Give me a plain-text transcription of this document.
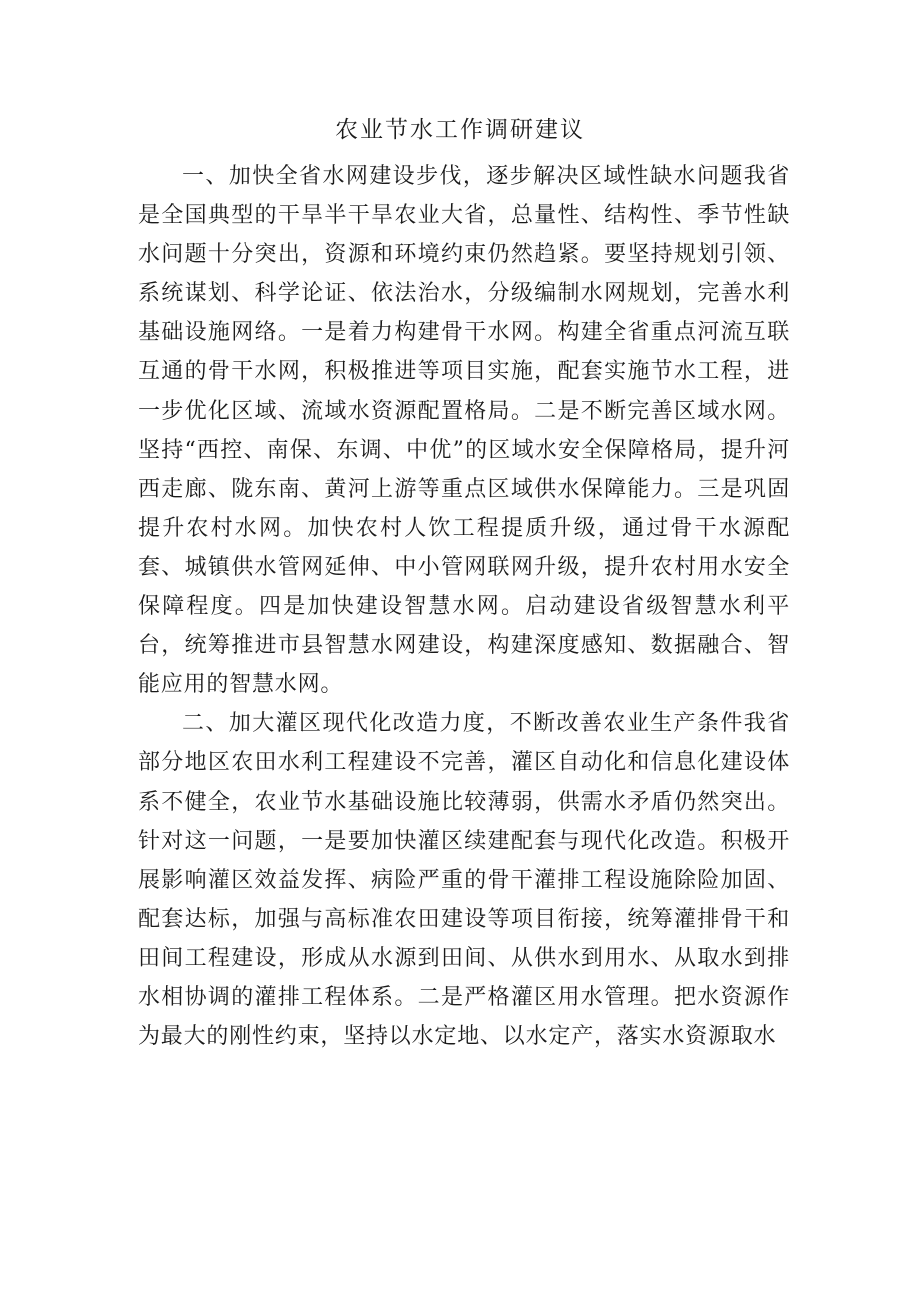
农业节水工作调研建议

一、加快全省水网建设步伐，逐步解决区域性缺水问题我省是全国典型的干旱半干旱农业大省，总量性、结构性、季节性缺水问题十分突出，资源和环境约束仍然趋紧。要坚持规划引领、系统谋划、科学论证、依法治水，分级编制水网规划，完善水利基础设施网络。一是着力构建骨干水网。构建全省重点河流互联互通的骨干水网，积极推进等项目实施，配套实施节水工程，进一步优化区域、流域水资源配置格局。二是不断完善区域水网。坚持“西控、南保、东调、中优”的区域水安全保障格局，提升河西走廊、陇东南、黄河上游等重点区域供水保障能力。三是巩固提升农村水网。加快农村人饮工程提质升级，通过骨干水源配套、城镇供水管网延伸、中小管网联网升级，提升农村用水安全保障程度。四是加快建设智慧水网。启动建设省级智慧水利平台，统筹推进市县智慧水网建设，构建深度感知、数据融合、智能应用的智慧水网。

二、加大灌区现代化改造力度，不断改善农业生产条件我省部分地区农田水利工程建设不完善，灌区自动化和信息化建设体系不健全，农业节水基础设施比较薄弱，供需水矛盾仍然突出。针对这一问题，一是要加快灌区续建配套与现代化改造。积极开展影响灌区效益发挥、病险严重的骨干灌排工程设施除险加固、配套达标，加强与高标准农田建设等项目衔接，统筹灌排骨干和田间工程建设，形成从水源到田间、从供水到用水、从取水到排水相协调的灌排工程体系。二是严格灌区用水管理。把水资源作为最大的刚性约束，坚持以水定地、以水定产，落实水资源取水
